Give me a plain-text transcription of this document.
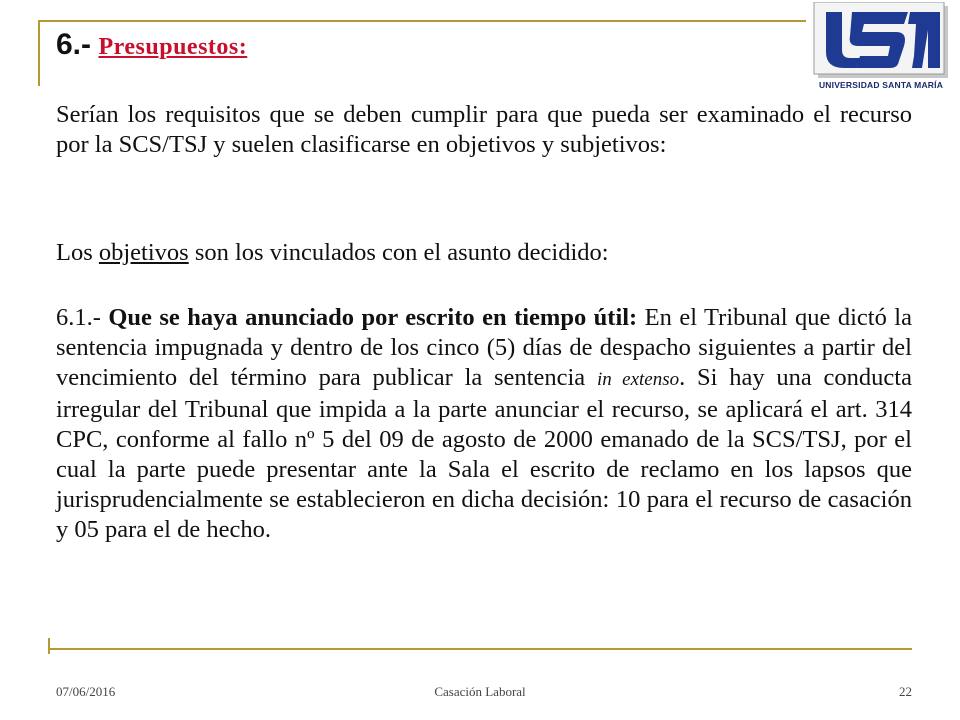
UNIVERSIDAD SANTA MARÍA
6.- Presupuestos:

Serían los requisitos que se deben cumplir para que pueda ser examinado el recurso por la SCS/TSJ y suelen clasificarse en objetivos y subjetivos:

Los objetivos son los vinculados con el asunto decidido:

6.1.- Que se haya anunciado por escrito en tiempo útil: En el Tribunal que dictó la sentencia impugnada y dentro de los cinco (5) días de despacho siguientes a partir del vencimiento del término para publicar la sentencia in extenso. Si hay una conducta irregular del Tribunal que impida a la parte anunciar el recurso, se aplicará el art. 314 CPC, conforme al fallo nº 5 del 09 de agosto de 2000 emanado de la SCS/TSJ, por el cual la parte puede presentar ante la Sala el escrito de reclamo en los lapsos que jurisprudencialmente se establecieron en dicha decisión: 10 para el recurso de casación y 05 para el de hecho.

07/06/2016	Casación Laboral	22
